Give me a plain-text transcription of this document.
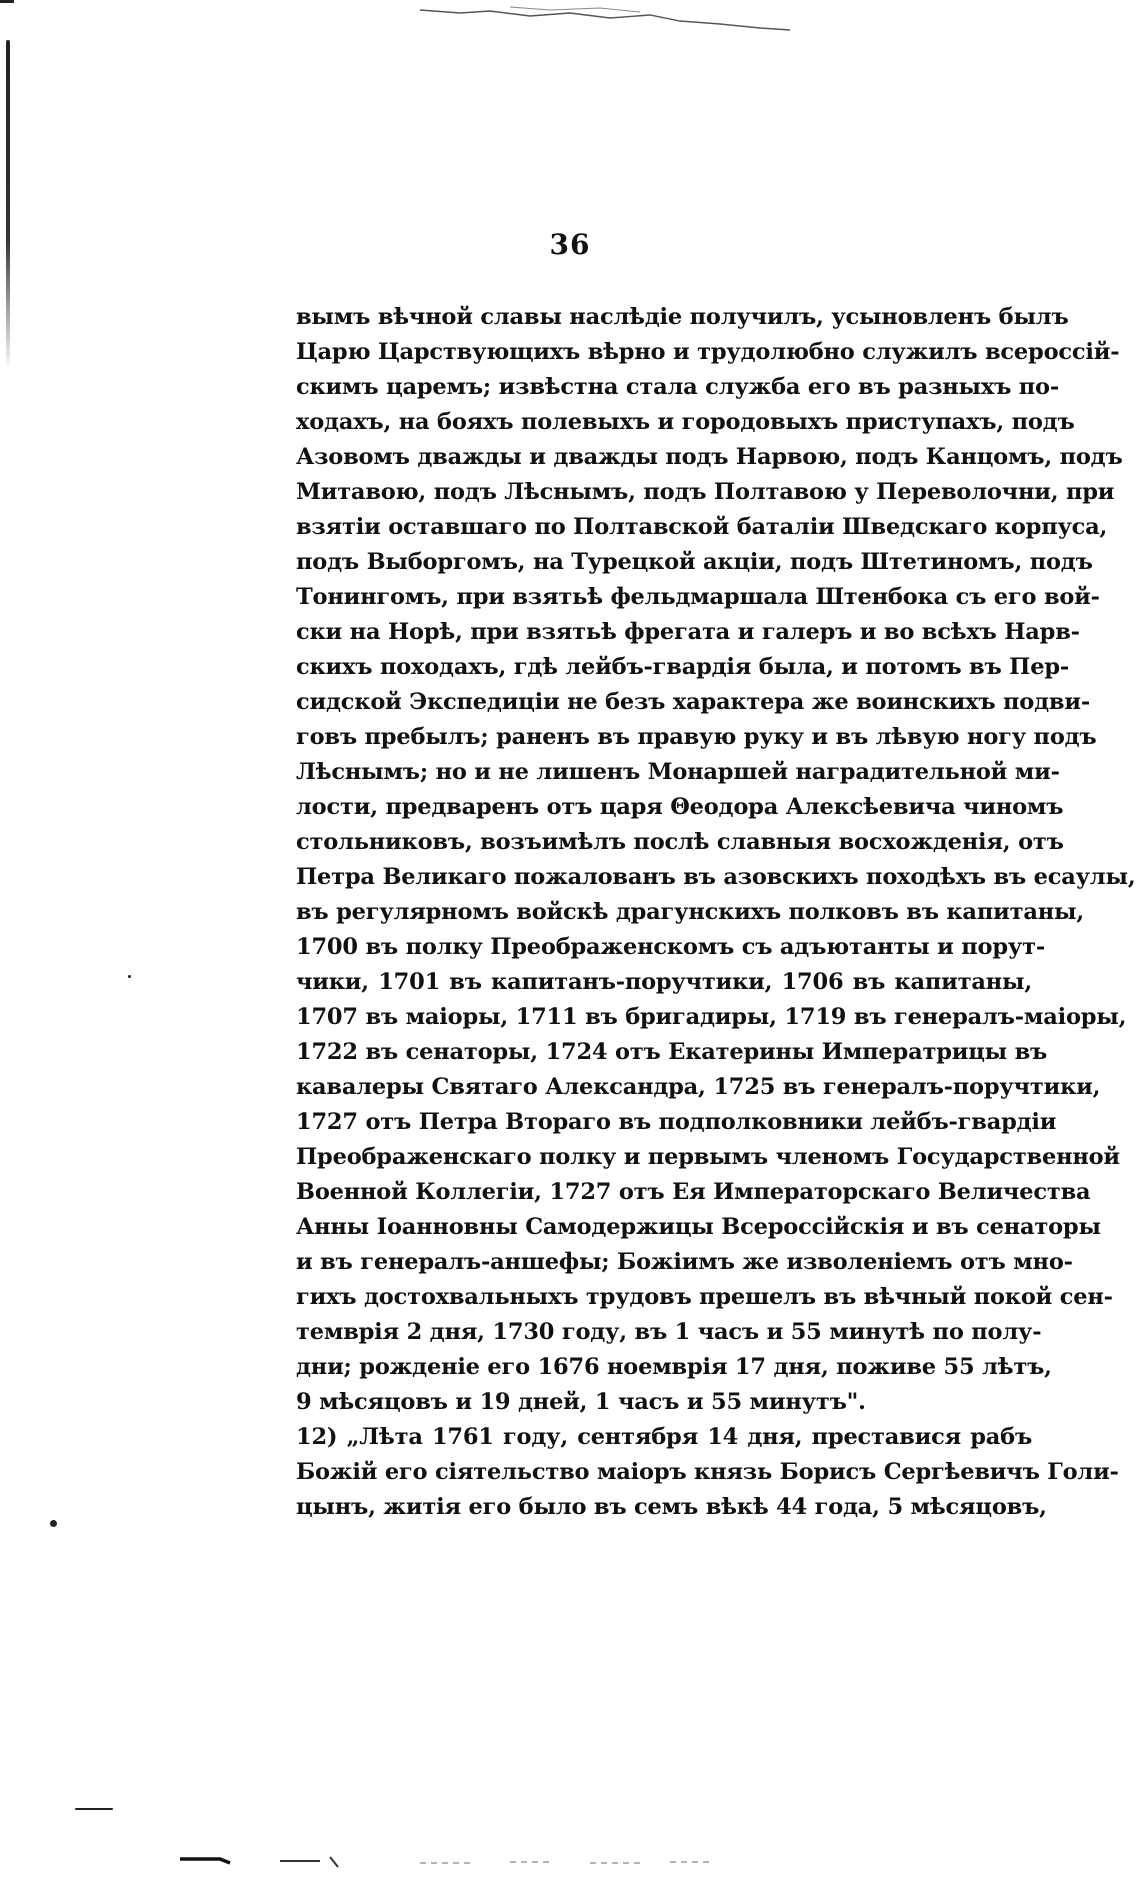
36
вымъ вѣчной славы наслѣдіе получилъ, усыновленъ былъ
Царю Царствующихъ вѣрно и трудолюбно служилъ всероссій-
скимъ царемъ; извѣстна стала служба его въ разныхъ по-
ходахъ, на бояхъ полевыхъ и городовыхъ приступахъ, подъ
Азовомъ дважды и дважды подъ Нарвою, подъ Канцомъ, подъ
Митавою, подъ Лѣснымъ, подъ Полтавою у Переволочни, при
взятіи оставшаго по Полтавской баталіи Шведскаго корпуса,
подъ Выборгомъ, на Турецкой акціи, подъ Штетиномъ, подъ
Тонингомъ, при взятьѣ фельдмаршала Штенбока съ его вой-
ски на Норѣ, при взятьѣ фрегата и галеръ и во всѣхъ Нарв-
скихъ походахъ, гдѣ лейбъ-гвардія была, и потомъ въ Пер-
сидской Экспедиціи не безъ характера же воинскихъ подви-
говъ пребылъ; раненъ въ правую руку и въ лѣвую ногу подъ
Лѣснымъ; но и не лишенъ Монаршей наградительной ми-
лости, предваренъ отъ царя Θеодора Алексѣевича чиномъ
стольниковъ, возъимѣлъ послѣ славныя восхожденія, отъ
Петра Великаго пожалованъ въ азовскихъ походѣхъ въ есаулы,
въ регулярномъ войскѣ драгунскихъ полковъ въ капитаны,
1700 въ полку Преображенскомъ съ адъютанты и порут-
чики, 1701 въ капитанъ-поручтики, 1706 въ капитаны,
1707 въ маіоры, 1711 въ бригадиры, 1719 въ генералъ-маіоры,
1722 въ сенаторы, 1724 отъ Екатерины Императрицы въ
кавалеры Святаго Александра, 1725 въ генералъ-поручтики,
1727 отъ Петра Втораго въ подполковники лейбъ-гвардіи
Преображенскаго полку и первымъ членомъ Государственной
Военной Коллегіи, 1727 отъ Ея Императорскаго Величества
Анны Іоанновны Самодержицы Всероссійскія и въ сенаторы
и въ генералъ-аншефы; Божіимъ же изволеніемъ отъ мно-
гихъ достохвальныхъ трудовъ прешелъ въ вѣчный покой сен-
темврія 2 дня, 1730 году, въ 1 часъ и 55 минутѣ по полу-
дни; рожденіе его 1676 ноемврія 17 дня, поживе 55 лѣтъ,
9 мѣсяцовъ и 19 дней, 1 часъ и 55 минутъ".
12) „Лѣта 1761 году, сентября 14 дня, преставися рабъ
Божій его сіятельство маіоръ князь Борисъ Сергѣевичъ Голи-
цынъ, житія его было въ семъ вѣкѣ 44 года, 5 мѣсяцовъ,
